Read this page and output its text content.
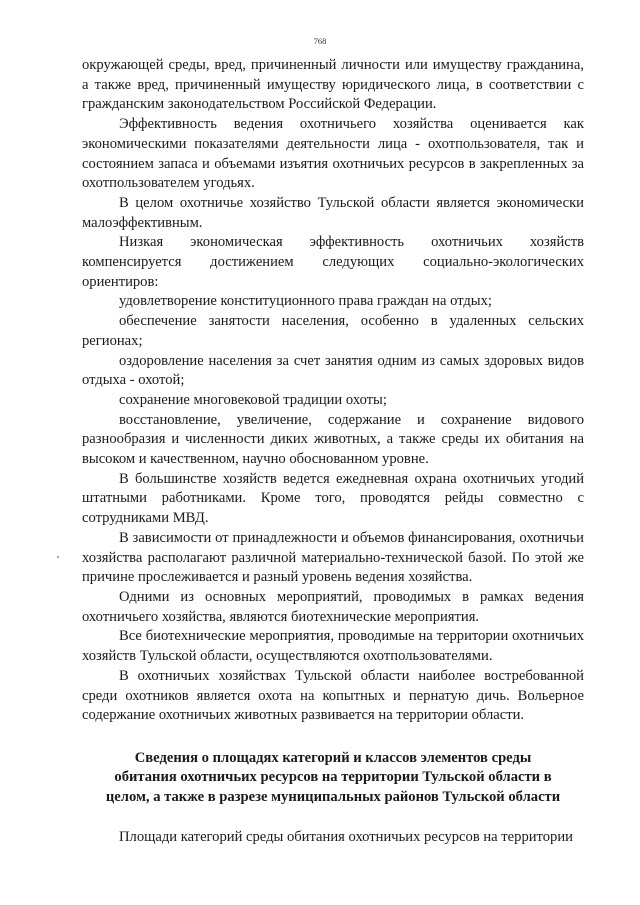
768

окружающей среды, вред, причиненный личности или имуществу гражданина, а также вред, причиненный имуществу юридического лица, в соответствии с гражданским законодательством Российской Федерации.

Эффективность ведения охотничьего хозяйства оценивается как экономическими показателями деятельности лица - охотпользователя, так и состоянием запаса и объемами изъятия охотничьих ресурсов в закрепленных за охотпользователем угодьях.

В целом охотничье хозяйство Тульской области является экономически малоэффективным.

Низкая экономическая эффективность охотничьих хозяйств компенсируется достижением следующих социально-экологических ориентиров:

удовлетворение конституционного права граждан на отдых;

обеспечение занятости населения, особенно в удаленных сельских регионах;

оздоровление населения за счет занятия одним из самых здоровых видов отдыха - охотой;

сохранение многовековой традиции охоты;

восстановление, увеличение, содержание и сохранение видового разнообразия и численности диких животных, а также среды их обитания на высоком и качественном, научно обоснованном уровне.

В большинстве хозяйств ведется ежедневная охрана охотничьих угодий штатными работниками. Кроме того, проводятся рейды совместно с сотрудниками МВД.

В зависимости от принадлежности и объемов финансирования, охотничьи хозяйства располагают различной материально-технической базой. По этой же причине прослеживается и разный уровень ведения хозяйства.

Одними из основных мероприятий, проводимых в рамках ведения охотничьего хозяйства, являются биотехнические мероприятия.

Все биотехнические мероприятия, проводимые на территории охотничьих хозяйств Тульской области, осуществляются охотпользователями.

В охотничьих хозяйствах Тульской области наиболее востребованной среди охотников является охота на копытных и пернатую дичь. Вольерное содержание охотничьих животных развивается на территории области.

Сведения о площадях категорий и классов элементов среды обитания охотничьих ресурсов на территории Тульской области в целом, а также в разрезе муниципальных районов Тульской области

Площади категорий среды обитания охотничьих ресурсов на территории
